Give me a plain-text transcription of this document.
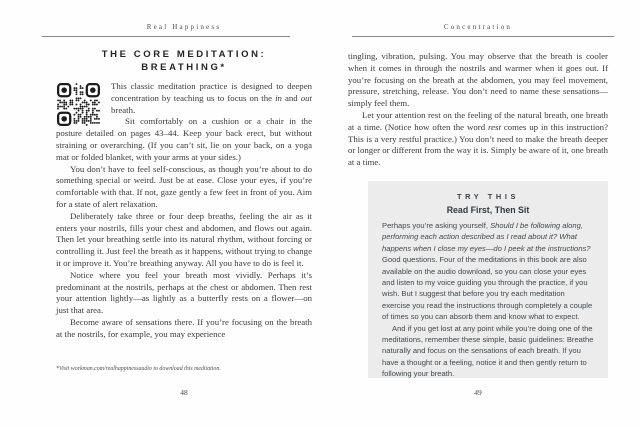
Real Happiness
THE CORE MEDITATION:
BREATHING*

This classic meditation practice is designed to deepen concentration by teaching us to focus on the in and out breath.

Sit comfortably on a cushion or a chair in the posture detailed on pages 43–44. Keep your back erect, but without straining or overarching. (If you can’t sit, lie on your back, on a yoga mat or folded blanket, with your arms at your sides.)

You don’t have to feel self-conscious, as though you’re about to do something special or weird. Just be at ease. Close your eyes, if you’re comfortable with that. If not, gaze gently a few feet in front of you. Aim for a state of alert relaxation.

Deliberately take three or four deep breaths, feeling the air as it enters your nostrils, fills your chest and abdomen, and flows out again. Then let your breathing settle into its natural rhythm, without forcing or controlling it. Just feel the breath as it happens, without trying to change it or improve it. You’re breathing anyway. All you have to do is feel it.

Notice where you feel your breath most vividly. Perhaps it’s predominant at the nostrils, perhaps at the chest or abdomen. Then rest your attention lightly—as lightly as a butterfly rests on a flower—on just that area.

Become aware of sensations there. If you’re focusing on the breath at the nostrils, for example, you may experience

*Visit workman.com/realhappinessaudio to download this meditation.
48
Concentration

tingling, vibration, pulsing. You may observe that the breath is cooler when it comes in through the nostrils and warmer when it goes out. If you’re focusing on the breath at the abdomen, you may feel movement, pressure, stretching, release. You don’t need to name these sensations—simply feel them.

Let your attention rest on the feeling of the natural breath, one breath at a time. (Notice how often the word rest comes up in this instruction? This is a very restful practice.) You don’t need to make the breath deeper or longer or different from the way it is. Simply be aware of it, one breath at a time.

TRY THIS

Read First, Then Sit

Perhaps you’re asking yourself, Should I be following along, performing each action described as I read about it? What happens when I close my eyes—do I peek at the instructions? Good questions. Four of the meditations in this book are also available on the audio download, so you can close your eyes and listen to my voice guiding you through the practice, if you wish. But I suggest that before you try each meditation exercise you read the instructions through completely a couple of times so you can absorb them and know what to expect.

And if you get lost at any point while you’re doing one of the meditations, remember these simple, basic guidelines: Breathe naturally and focus on the sensations of each breath. If you have a thought or a feeling, notice it and then gently return to following your breath.

49
